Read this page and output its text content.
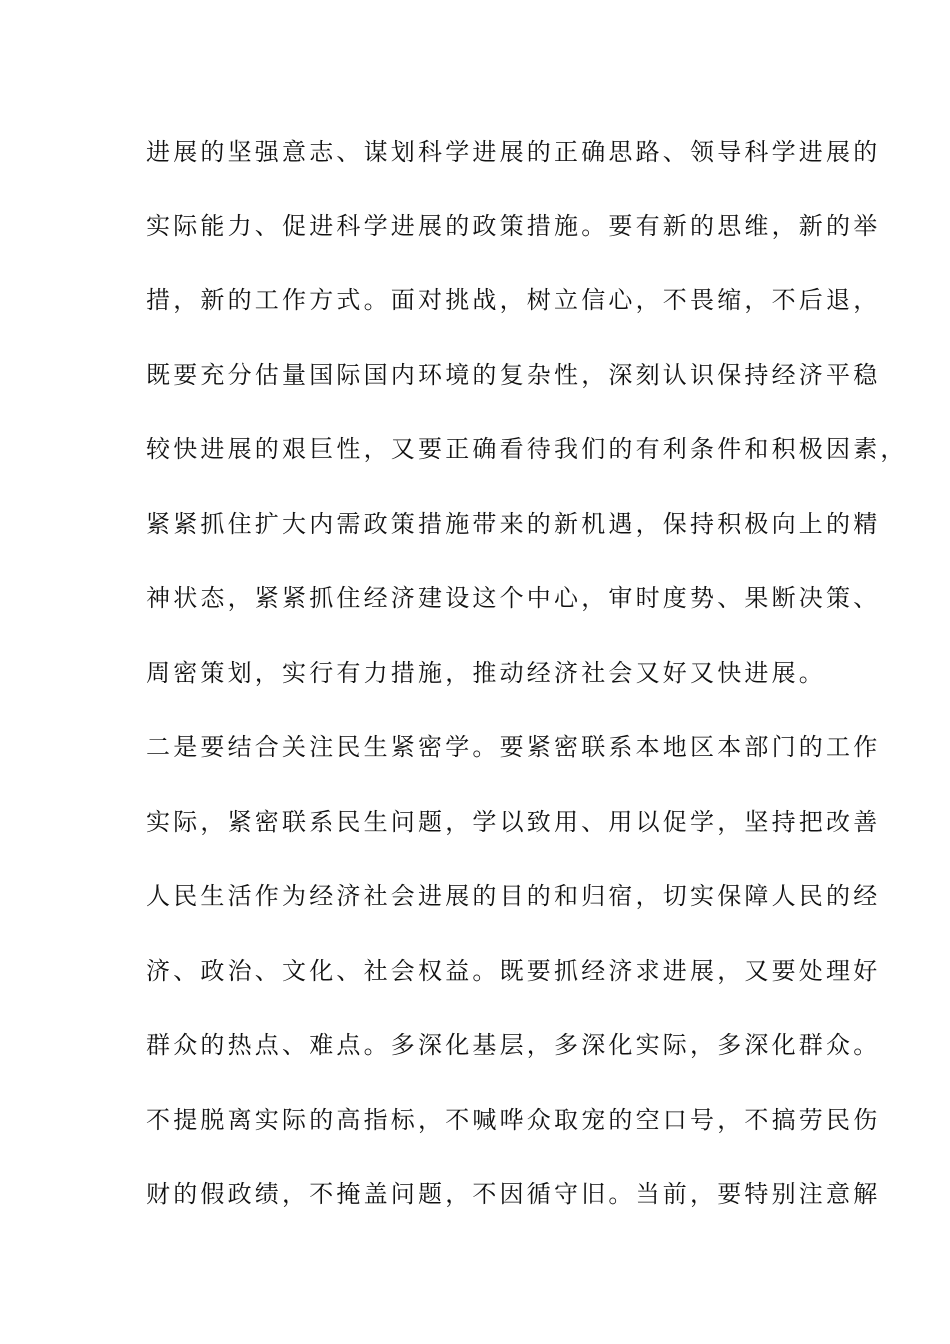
进展的坚强意志、谋划科学进展的正确思路、领导科学进展的
实际能力、促进科学进展的政策措施。要有新的思维，新的举
措，新的工作方式。面对挑战，树立信心，不畏缩，不后退，
既要充分估量国际国内环境的复杂性，深刻认识保持经济平稳
较快进展的艰巨性，又要正确看待我们的有利条件和积极因素，
紧紧抓住扩大内需政策措施带来的新机遇，保持积极向上的精
神状态，紧紧抓住经济建设这个中心，审时度势、果断决策、
周密策划，实行有力措施，推动经济社会又好又快进展。
二是要结合关注民生紧密学。要紧密联系本地区本部门的工作
实际，紧密联系民生问题，学以致用、用以促学，坚持把改善
人民生活作为经济社会进展的目的和归宿，切实保障人民的经
济、政治、文化、社会权益。既要抓经济求进展，又要处理好
群众的热点、难点。多深化基层，多深化实际，多深化群众。
不提脱离实际的高指标，不喊哗众取宠的空口号，不搞劳民伤
财的假政绩，不掩盖问题，不因循守旧。当前，要特别注意解
